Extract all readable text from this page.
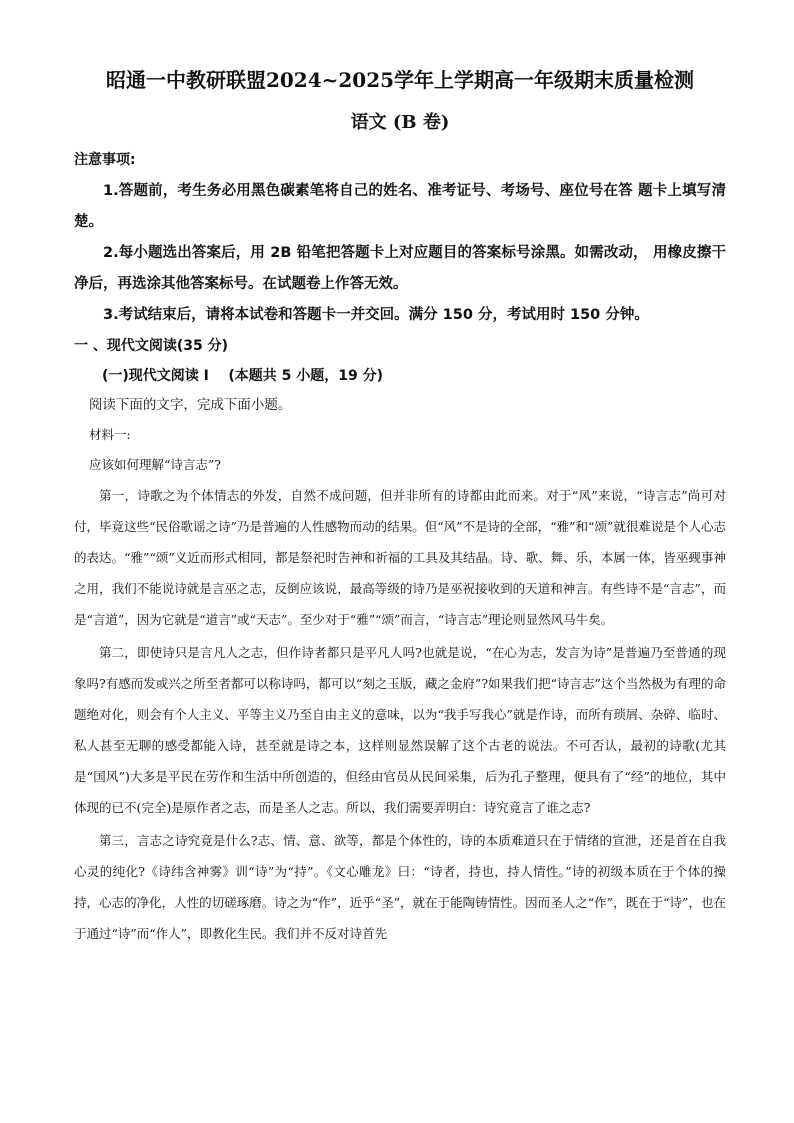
昭通一中教研联盟2024~2025学年上学期高一年级期末质量检测
语文 (B 卷)

注意事项:

1.答题前，考生务必用黑色碳素笔将自己的姓名、准考证号、考场号、座位号在答 题卡上填写清楚。

2.每小题选出答案后，用 2B 铅笔把答题卡上对应题目的答案标号涂黑。如需改动， 用橡皮擦干净后，再选涂其他答案标号。在试题卷上作答无效。

3.考试结束后，请将本试卷和答题卡一并交回。满分 150 分，考试用时 150 分钟。

一 、现代文阅读(35 分)

(一)现代文阅读 I    (本题共 5 小题，19 分)

阅读下面的文字，完成下面小题。

材料一:

应该如何理解“诗言志”?

第一，诗歌之为个体情志的外发，自然不成问题，但并非所有的诗都由此而来。对于“风”来说，“诗言志”尚可对付，毕竟这些“民俗歌谣之诗”乃是普遍的人性感物而动的结果。但“风”不是诗的全部，“雅”和“颂”就很难说是个人心志的表达。“雅”“颂”义近而形式相同，都是祭祀时告神和祈福的工具及其结晶。诗、歌、舞、乐，本属一体，皆巫觋事神之用，我们不能说诗就是言巫之志，反倒应该说，最高等级的诗乃是巫祝接收到的天道和神言。有些诗不是“言志”，而是“言道”，因为它就是“道言”或“天志”。至少对于“雅”“颂”而言，“诗言志”理论则显然风马牛矣。

第二，即使诗只是言凡人之志，但作诗者都只是平凡人吗?也就是说，“在心为志，发言为诗”是普遍乃至普通的现象吗?有感而发或兴之所至者都可以称诗吗，都可以“刻之玉版，藏之金府”?如果我们把“诗言志”这个当然极为有理的命题绝对化，则会有个人主义、平等主义乃至自由主义的意味，以为“我手写我心”就是作诗，而所有琐屑、杂碎、临时、私人甚至无聊的感受都能入诗，甚至就是诗之本，这样则显然误解了这个古老的说法。不可否认，最初的诗歌(尤其是“国风”)大多是平民在劳作和生活中所创造的，但经由官员从民间采集，后为孔子整理，便具有了“经”的地位，其中体现的已不(完全)是原作者之志，而是圣人之志。所以，我们需要弄明白：诗究竟言了谁之志?

第三，言志之诗究竟是什么?志、情、意、欲等，都是个体性的，诗的本质难道只在于情绪的宣泄，还是首在自我心灵的纯化?《诗纬含神雾》训“诗”为“持”。《文心雕龙》曰：“诗者，持也，持人情性。”诗的初级本质在于个体的操持，心志的净化，人性的切磋琢磨。诗之为“作”，近乎“圣”，就在于能陶铸情性。因而圣人之“作”，既在于“诗”，也在于通过“诗”而“作人”，即教化生民。我们并不反对诗首先
